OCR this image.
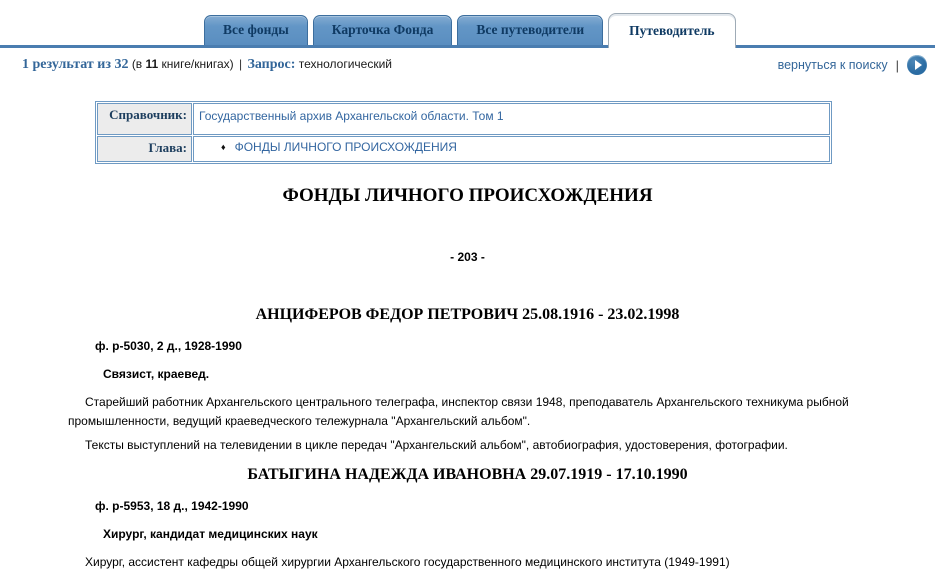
Все фонды	Карточка Фонда	Все путеводители	Путеводитель
1 результат из 32 (в 11 книге/книгах) | Запрос: технологический	вернуться к поиску |
Справочник:	Государственный архив Архангельской области. Том 1
Глава:	♦ ФОНДЫ ЛИЧНОГО ПРОИСХОЖДЕНИЯ
ФОНДЫ ЛИЧНОГО ПРОИСХОЖДЕНИЯ
- 203 -
АНЦИФЕРОВ ФЕДОР ПЕТРОВИЧ 25.08.1916 - 23.02.1998
ф. р-5030, 2 д., 1928-1990
Связист, краевед.

Старейший работник Архангельского центрального телеграфа, инспектор связи 1948, преподаватель Архангельского техникума рыбной промышленности, ведущий краеведческого тележурнала "Архангельский альбом".

Тексты выступлений на телевидении в цикле передач "Архангельский альбом", автобиография, удостоверения, фотографии.

БАТЫГИНА НАДЕЖДА ИВАНОВНА 29.07.1919 - 17.10.1990
ф. р-5953, 18 д., 1942-1990
Хирург, кандидат медицинских наук

Хирург, ассистент кафедры общей хирургии Архангельского государственного медицинского института (1949-1991)
